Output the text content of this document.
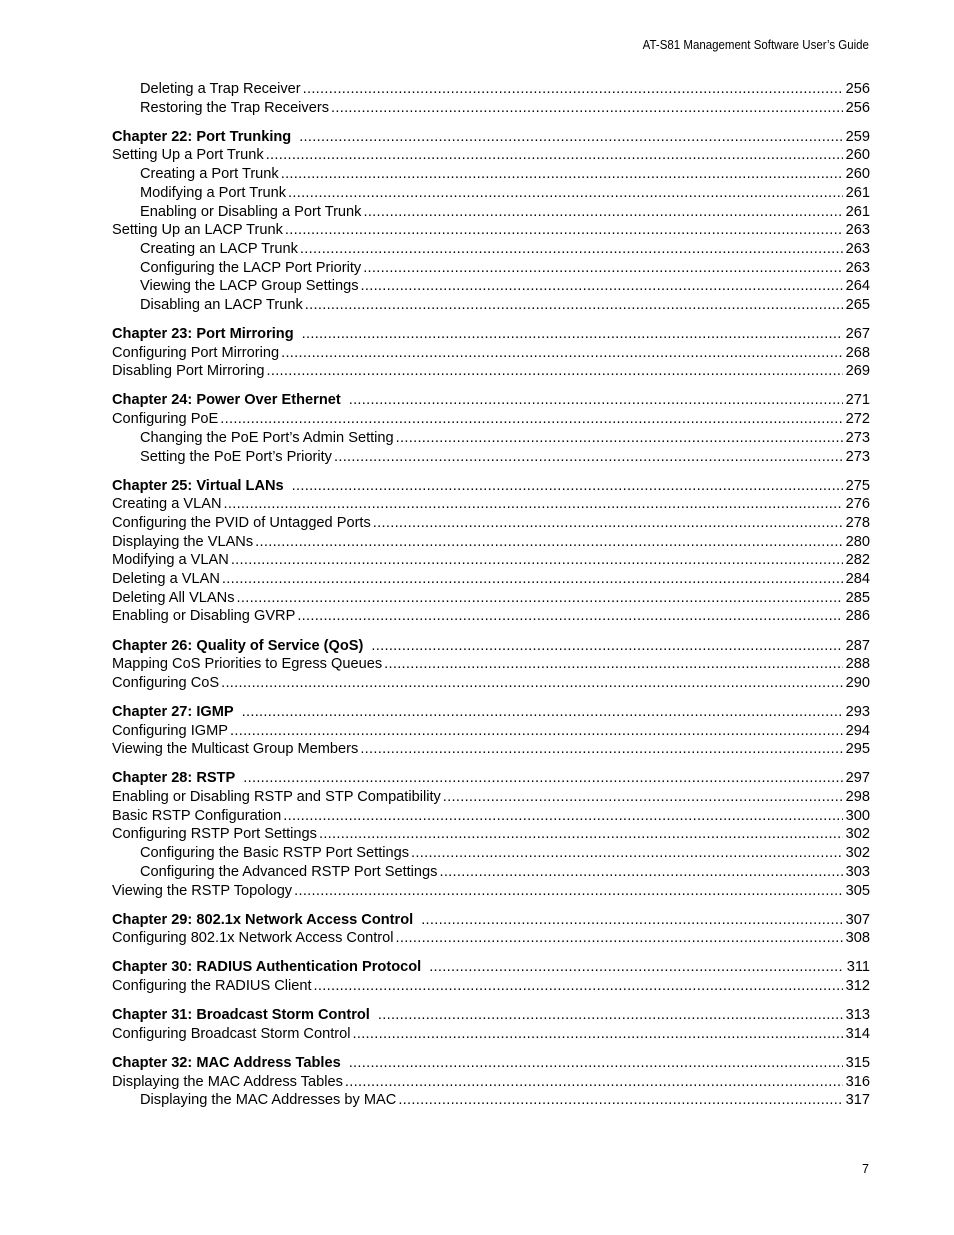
AT-S81 Management Software User’s Guide
Deleting a Trap Receiver .....	256
Restoring the Trap Receivers .....	256
Chapter 22: Port Trunking .....	259
Setting Up a Port Trunk .....	260
Creating a Port Trunk .....	260
Modifying a Port Trunk .....	261
Enabling or Disabling a Port Trunk .....	261
Setting Up an LACP Trunk .....	263
Creating an LACP Trunk .....	263
Configuring the LACP Port Priority .....	263
Viewing the LACP Group Settings .....	264
Disabling an LACP Trunk .....	265
Chapter 23: Port Mirroring .....	267
Configuring Port Mirroring .....	268
Disabling Port Mirroring .....	269
Chapter 24: Power Over Ethernet .....	271
Configuring PoE .....	272
Changing the PoE Port’s Admin Setting .....	273
Setting the PoE Port’s Priority .....	273
Chapter 25: Virtual LANs .....	275
Creating a VLAN .....	276
Configuring the PVID of Untagged Ports .....	278
Displaying the VLANs .....	280
Modifying a VLAN .....	282
Deleting a VLAN .....	284
Deleting All VLANs .....	285
Enabling or Disabling GVRP .....	286
Chapter 26: Quality of Service (QoS) .....	287
Mapping CoS Priorities to Egress Queues .....	288
Configuring CoS .....	290
Chapter 27: IGMP .....	293
Configuring IGMP .....	294
Viewing the Multicast Group Members .....	295
Chapter 28: RSTP .....	297
Enabling or Disabling RSTP and STP Compatibility .....	298
Basic RSTP Configuration .....	300
Configuring RSTP Port Settings .....	302
Configuring the Basic RSTP Port Settings .....	302
Configuring the Advanced RSTP Port Settings .....	303
Viewing the RSTP Topology .....	305
Chapter 29: 802.1x Network Access Control .....	307
Configuring 802.1x Network Access Control .....	308
Chapter 30: RADIUS Authentication Protocol .....	311
Configuring the RADIUS Client .....	312
Chapter 31: Broadcast Storm Control .....	313
Configuring Broadcast Storm Control .....	314
Chapter 32: MAC Address Tables .....	315
Displaying the MAC Address Tables .....	316
Displaying the MAC Addresses by MAC .....	317
7
